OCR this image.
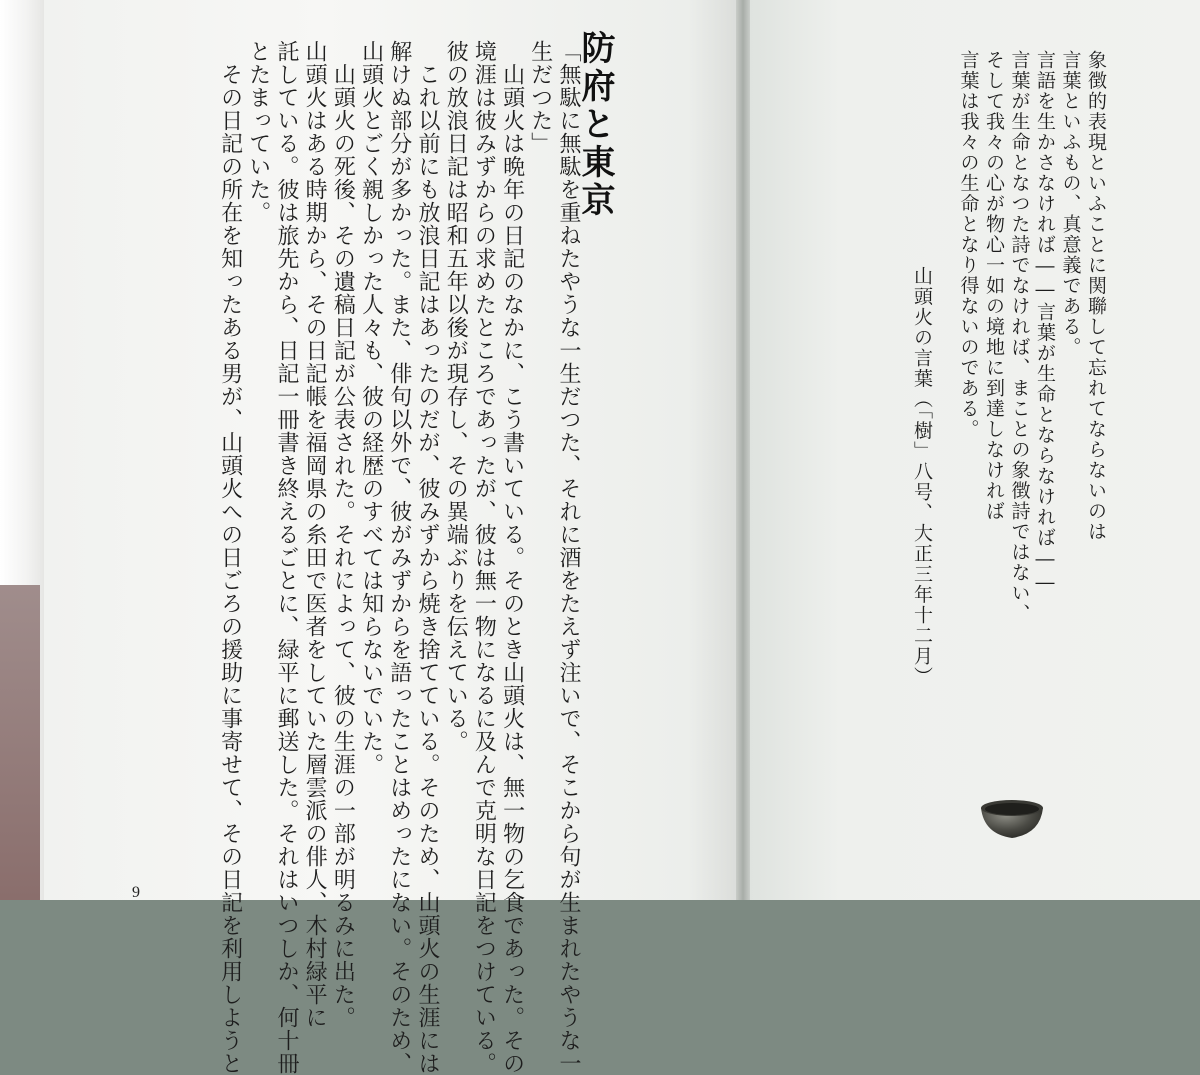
防府と東京
「無駄に無駄を重ねたやうな一生だつた、それに酒をたえず注いで、そこから句が生まれたやうな一
生だつた」
　山頭火は晩年の日記のなかに、こう書いている。そのとき山頭火は、無一物の乞食であった。その
境涯は彼みずからの求めたところであったが、彼は無一物になるに及んで克明な日記をつけている。
彼の放浪日記は昭和五年以後が現存し、その異端ぶりを伝えている。
　これ以前にも放浪日記はあったのだが、彼みずから焼き捨てている。そのため、山頭火の生涯には
解けぬ部分が多かった。また、俳句以外で、彼がみずからを語ったことはめったにない。そのため、
山頭火とごく親しかった人々も、彼の経歴のすべては知らないでいた。
　山頭火の死後、その遺稿日記が公表された。それによって、彼の生涯の一部が明るみに出た。
山頭火はある時期から、その日記帳を福岡県の糸田で医者をしていた層雲派の俳人、木村緑平に
託している。彼は旅先から、日記一冊書き終えるごとに、緑平に郵送した。それはいつしか、何十冊
とたまっていた。
　その日記の所在を知ったある男が、山頭火への日ごろの援助に事寄せて、その日記を利用しようと
9
象徴的表現といふことに関聯して忘れてならないのは
言葉といふもの、真意義である。
言語を生かさなければ――言葉が生命とならなければ――
言葉が生命となつた詩でなければ、まことの象徴詩ではない、
そして我々の心が物心一如の境地に到達しなければ
言葉は我々の生命となり得ないのである。
山頭火の言葉（「樹」八号、大正三年十二月）
